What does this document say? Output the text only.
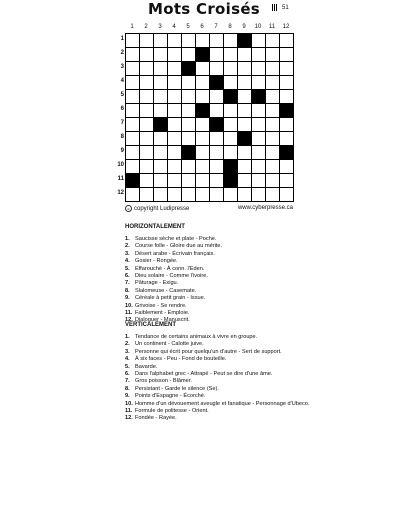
Mots Croisés	51
1	2	3	4	5	6	7	8	9	10	11	12
1
2
3
4
5
6
7
8
9
10
11
12
c copyright Ludipresse	www.cyberpresse.ca
HORIZONTALEMENT
1. Saucisse sèche et plate - Poche.
2. Course folle - Gloire due au mérite.
3. Désert arabe - Écrivain français.
4. Gosier - Rongée.
5. Effarouché - À conn. l'Eden.
6. Dieu solaire - Comme l'ivoire.
7. Pâturage - Exigu.
8. Slalomeuse - Casemate.
9. Céréale à petit grain - Issue.
10. Grivoise - Se rendre.
11. Faiblement - Emploie.
12. Dialoguer - Manuscrit.
VERTICALEMENT
1. Tendance de certains animaux à vivre en groupe.
2. Un continent - Calotte juive.
3. Personne qui écrit pour quelqu'un d'autre - Sert de support.
4. À six faces - Peu - Fond de bouteille.
5. Bavarde.
6. Dans l'alphabet grec - Attrapé - Peut se dire d'une âme.
7. Gros poisson - Blâmer.
8. Persistant - Garde le silence (Se).
9. Points d'Espagne - Écorché.
10. Homme d'un dévouement aveugle et fanatique - Personnage d'Ubeco.
11. Formule de politesse - Orient.
12. Fondée - Rayée.
